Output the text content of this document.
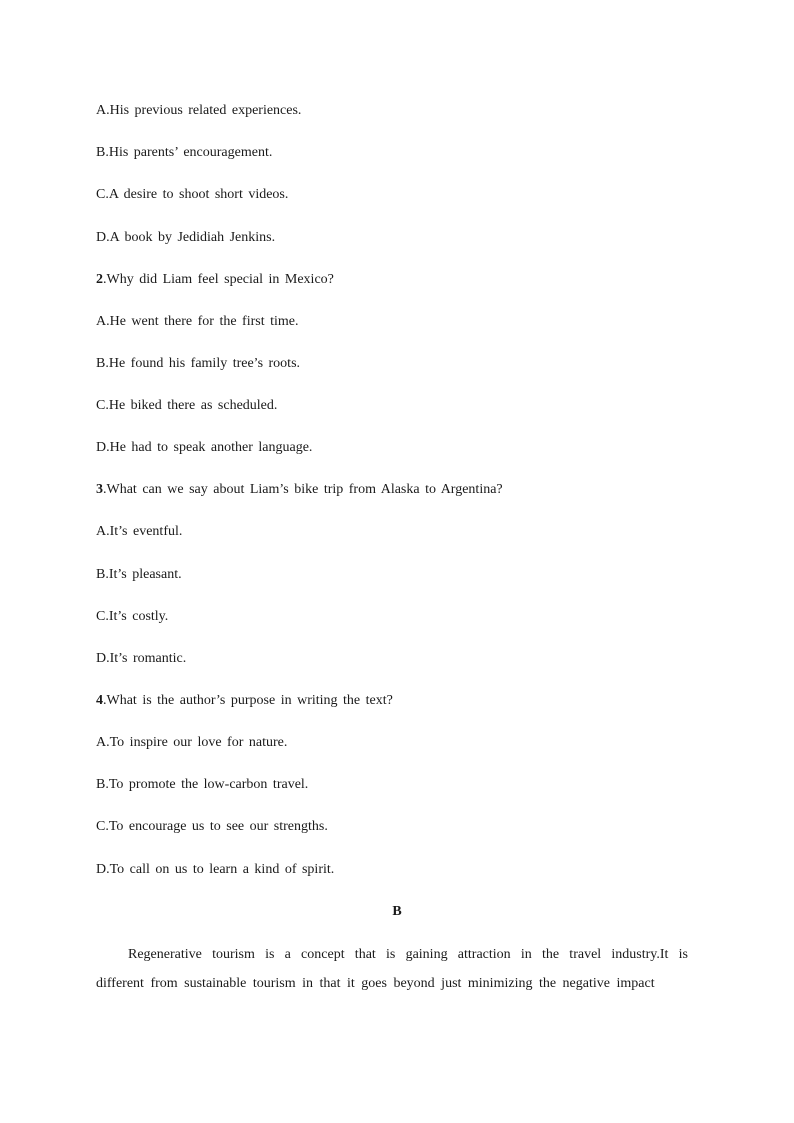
A.His previous related experiences.
B.His parents’ encouragement.
C.A desire to shoot short videos.
D.A book by Jedidiah Jenkins.
2.Why did Liam feel special in Mexico?
A.He went there for the first time.
B.He found his family tree’s roots.
C.He biked there as scheduled.
D.He had to speak another language.
3.What can we say about Liam’s bike trip from Alaska to Argentina?
A.It’s eventful.
B.It’s pleasant.
C.It’s costly.
D.It’s romantic.
4.What is the author’s purpose in writing the text?
A.To inspire our love for nature.
B.To promote the low-carbon travel.
C.To encourage us to see our strengths.
D.To call on us to learn a kind of spirit.
B
Regenerative tourism is a concept that is gaining attraction in the travel industry.It is different from sustainable tourism in that it goes beyond just minimizing the negative impact
